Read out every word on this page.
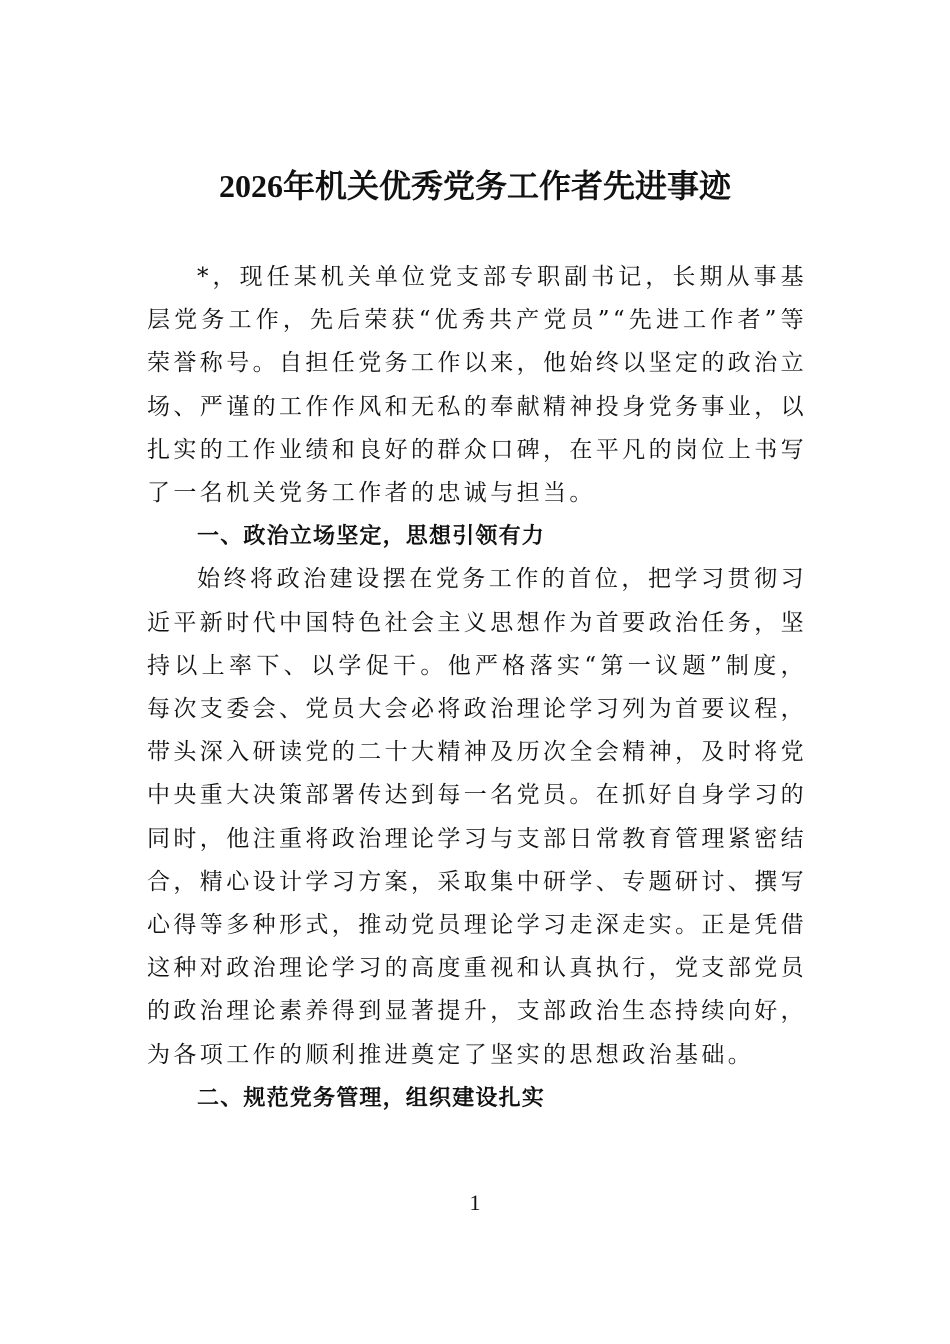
2026年机关优秀党务工作者先进事迹

*，现任某机关单位党支部专职副书记，长期从事基层党务工作，先后荣获“优秀共产党员”“先进工作者”等荣誉称号。自担任党务工作以来，他始终以坚定的政治立场、严谨的工作作风和无私的奉献精神投身党务事业，以扎实的工作业绩和良好的群众口碑，在平凡的岗位上书写了一名机关党务工作者的忠诚与担当。

一、政治立场坚定，思想引领有力

始终将政治建设摆在党务工作的首位，把学习贯彻习近平新时代中国特色社会主义思想作为首要政治任务，坚持以上率下、以学促干。他严格落实“第一议题”制度，每次支委会、党员大会必将政治理论学习列为首要议程，带头深入研读党的二十大精神及历次全会精神，及时将党中央重大决策部署传达到每一名党员。在抓好自身学习的同时，他注重将政治理论学习与支部日常教育管理紧密结合，精心设计学习方案，采取集中研学、专题研讨、撰写心得等多种形式，推动党员理论学习走深走实。正是凭借这种对政治理论学习的高度重视和认真执行，党支部党员的政治理论素养得到显著提升，支部政治生态持续向好，为各项工作的顺利推进奠定了坚实的思想政治基础。

二、规范党务管理，组织建设扎实

1
